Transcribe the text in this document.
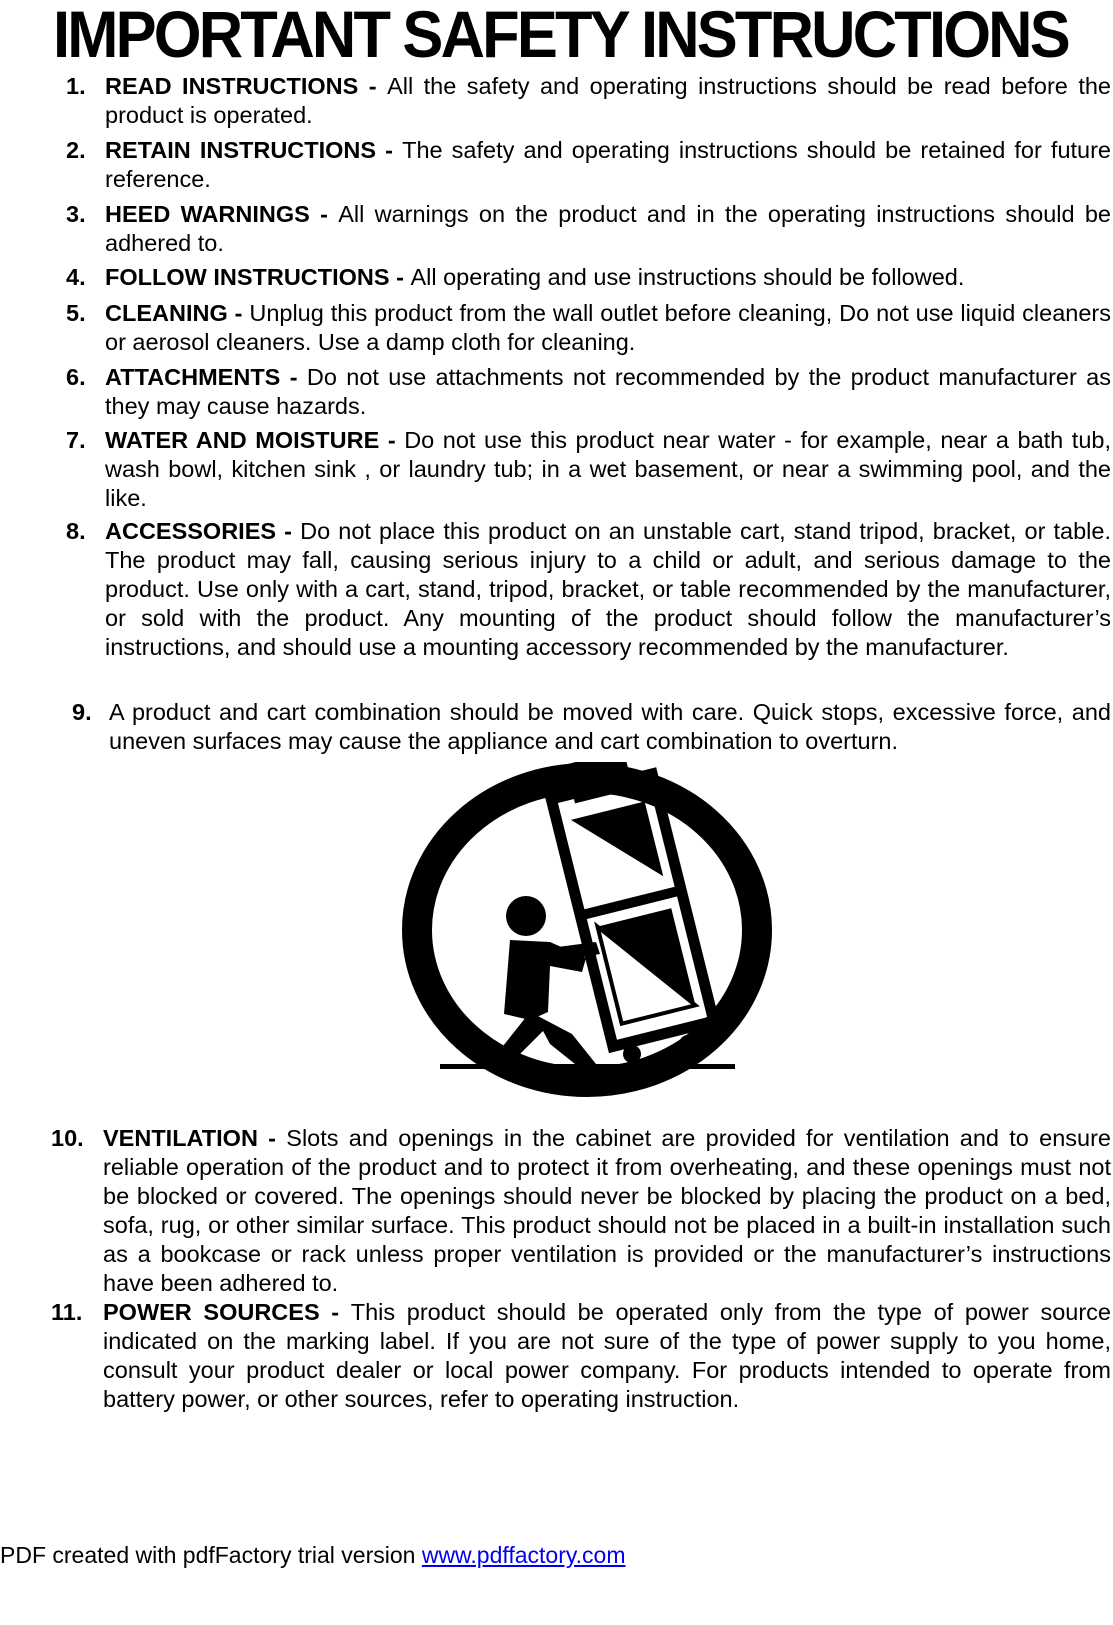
IMPORTANT SAFETY INSTRUCTIONS
1. READ INSTRUCTIONS - All the safety and operating instructions should be read before the product is operated.
2. RETAIN INSTRUCTIONS - The safety and operating instructions should be retained for future reference.
3. HEED WARNINGS - All warnings on the product and in the operating instructions should be adhered to.
4. FOLLOW INSTRUCTIONS - All operating and use instructions should be followed.
5. CLEANING - Unplug this product from the wall outlet before cleaning, Do not use liquid cleaners or aerosol cleaners. Use a damp cloth for cleaning.
6. ATTACHMENTS - Do not use attachments not recommended by the product manufacturer as they may cause hazards.
7. WATER AND MOISTURE - Do not use this product near water - for example, near a bath tub, wash bowl, kitchen sink , or laundry tub; in a wet basement, or near a swimming pool, and the like.
8. ACCESSORIES - Do not place this product on an unstable cart, stand tripod, bracket, or table. The product may fall, causing serious injury to a child or adult, and serious damage to the product. Use only with a cart, stand, tripod, bracket, or table recommended by the manufacturer, or sold with the product. Any mounting of the product should follow the manufacturer’s instructions, and should use a mounting accessory recommended by the manufacturer.
9. A product and cart combination should be moved with care. Quick stops, excessive force, and uneven surfaces may cause the appliance and cart combination to overturn.
10. VENTILATION - Slots and openings in the cabinet are provided for ventilation and to ensure reliable operation of the product and to protect it from overheating, and these openings must not be blocked or covered. The openings should never be blocked by placing the product on a bed, sofa, rug, or other similar surface. This product should not be placed in a built-in installation such as a bookcase or rack unless proper ventilation is provided or the manufacturer’s instructions have been adhered to.
11. POWER SOURCES - This product should be operated only from the type of power source indicated on the marking label. If you are not sure of the type of power supply to you home, consult your product dealer or local power company. For products intended to operate from battery power, or other sources, refer to operating instruction.
PDF created with pdfFactory trial version www.pdffactory.com
